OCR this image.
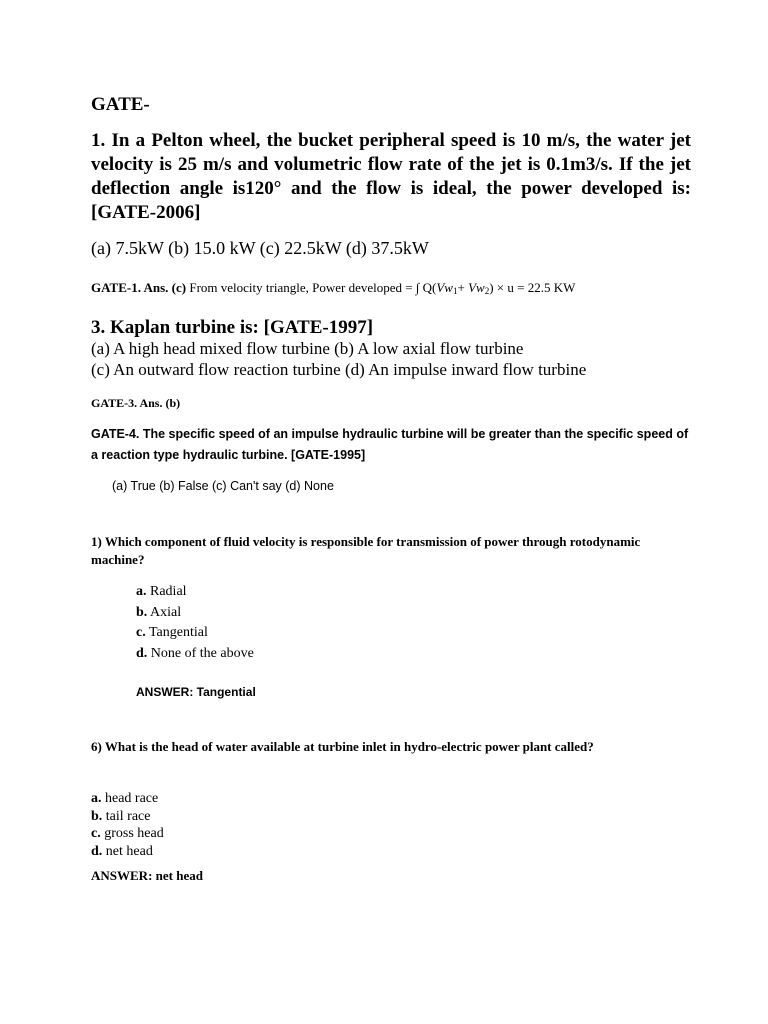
GATE-

1. In a Pelton wheel, the bucket peripheral speed is 10 m/s, the water jet velocity is 25 m/s and volumetric flow rate of the jet is 0.1m3/s. If the jet deflection angle is120° and the flow is ideal, the power developed is: [GATE-2006]

(a) 7.5kW (b) 15.0 kW (c) 22.5kW (d) 37.5kW
GATE-1. Ans. (c) From velocity triangle, Power developed = ∫ $Q(Vw_1+ Vw_2) \times u = 22.5$ KW
3. Kaplan turbine is: [GATE-1997]
(a) A high head mixed flow turbine (b) A low axial flow turbine
(c) An outward flow reaction turbine (d) An impulse inward flow turbine
GATE-3. Ans. (b)

GATE-4. The specific speed of an impulse hydraulic turbine will be greater than the specific speed of a reaction type hydraulic turbine. [GATE-1995]

(a) True (b) False (c) Can't say (d) None

1) Which component of fluid velocity is responsible for transmission of power through rotodynamic machine?

a. Radial
b. Axial
c. Tangential
d. None of the above
ANSWER: Tangential

6) What is the head of water available at turbine inlet in hydro-electric power plant called?

a. head race
b. tail race
c. gross head
d. net head
ANSWER: net head
